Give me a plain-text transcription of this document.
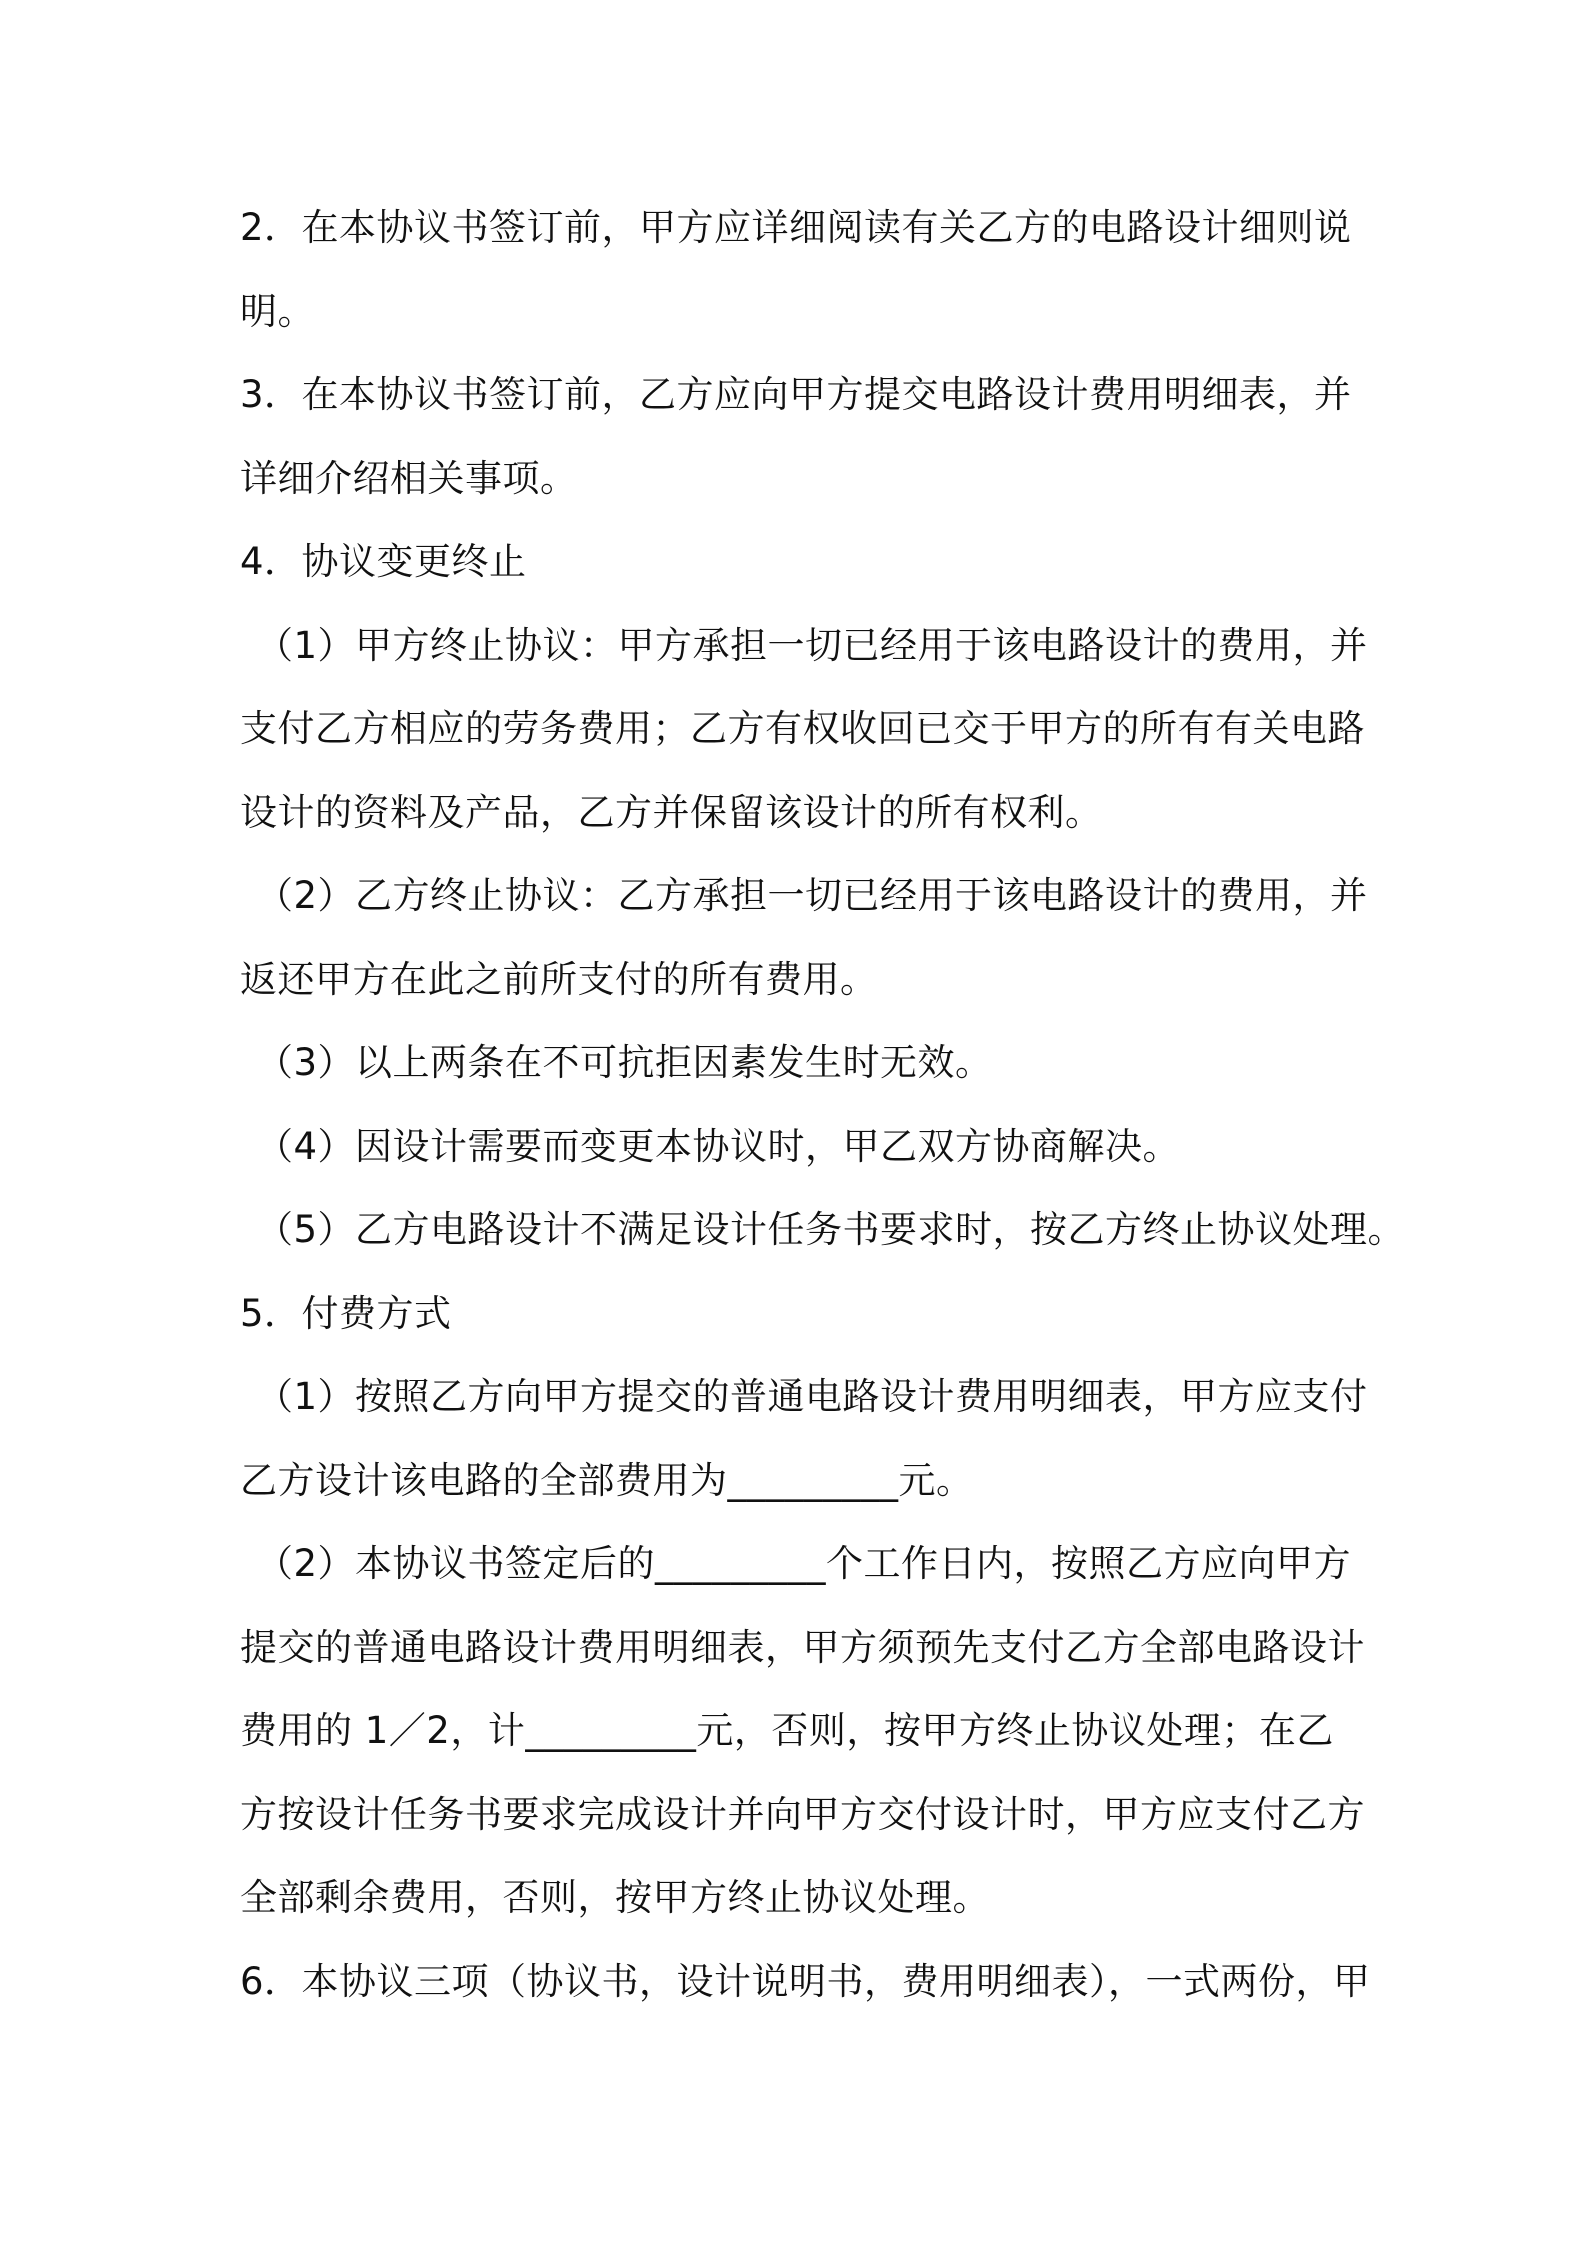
2．在本协议书签订前，甲方应详细阅读有关乙方的电路设计细则说
明。
3．在本协议书签订前，乙方应向甲方提交电路设计费用明细表，并
详细介绍相关事项。
4．协议变更终止
（1）甲方终止协议：甲方承担一切已经用于该电路设计的费用，并
支付乙方相应的劳务费用；乙方有权收回已交于甲方的所有有关电路
设计的资料及产品，乙方并保留该设计的所有权利。
（2）乙方终止协议：乙方承担一切已经用于该电路设计的费用，并
返还甲方在此之前所支付的所有费用。
（3）以上两条在不可抗拒因素发生时无效。
（4）因设计需要而变更本协议时，甲乙双方协商解决。
（5）乙方电路设计不满足设计任务书要求时，按乙方终止协议处理。
5．付费方式
（1）按照乙方向甲方提交的普通电路设计费用明细表，甲方应支付
乙方设计该电路的全部费用为_________元。
（2）本协议书签定后的_________个工作日内，按照乙方应向甲方
提交的普通电路设计费用明细表，甲方须预先支付乙方全部电路设计
费用的 1／2，计_________元，否则，按甲方终止协议处理；在乙
方按设计任务书要求完成设计并向甲方交付设计时，甲方应支付乙方
全部剩余费用，否则，按甲方终止协议处理。
6．本协议三项（协议书，设计说明书，费用明细表），一式两份，甲
